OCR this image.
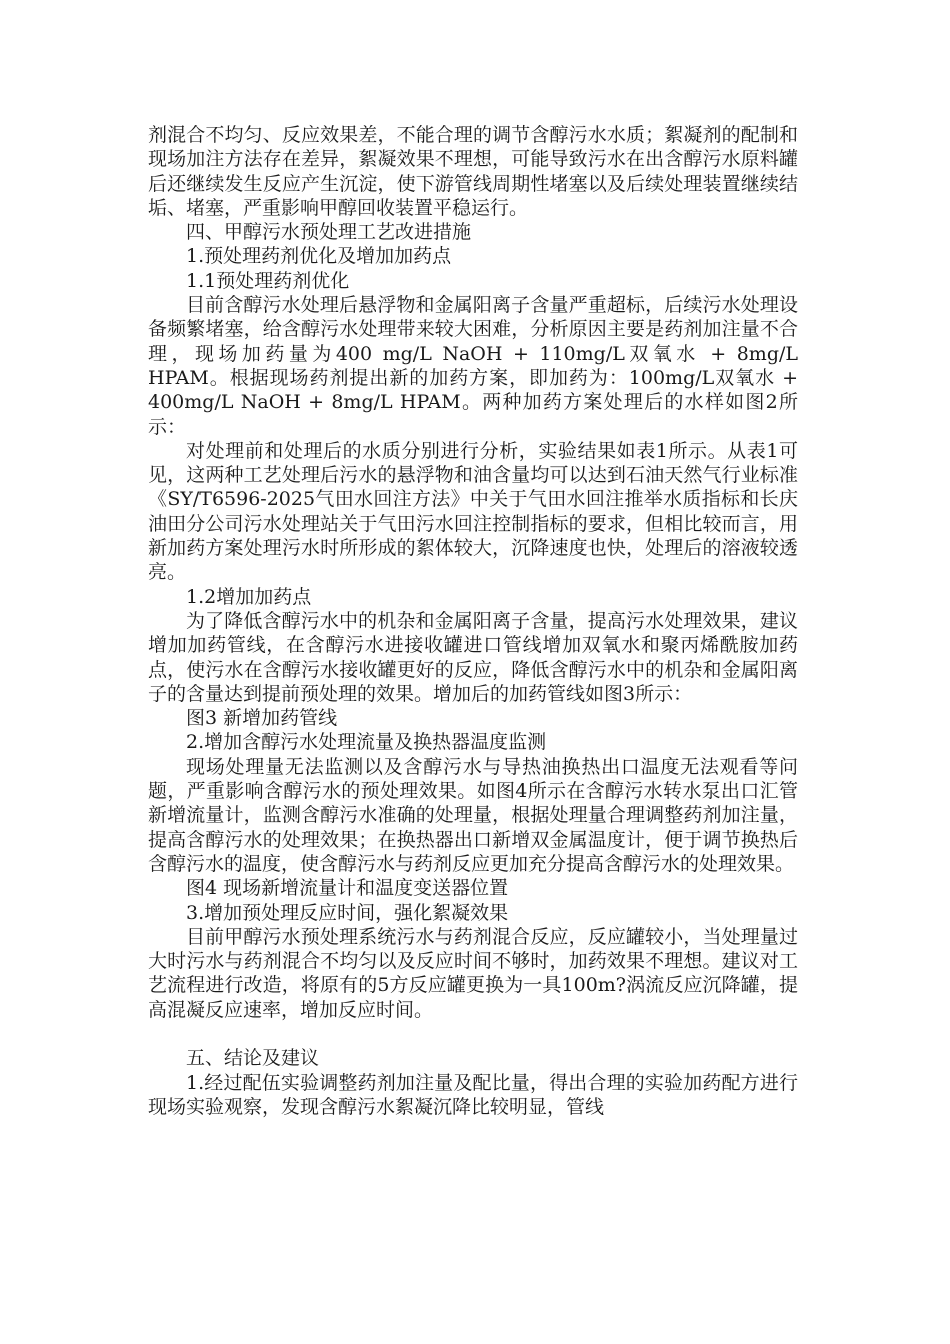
剂混合不均匀、反应效果差，不能合理的调节含醇污水水质；絮凝剂的配制和现场加注方法存在差异，絮凝效果不理想，可能导致污水在出含醇污水原料罐后还继续发生反应产生沉淀，使下游管线周期性堵塞以及后续处理装置继续结垢、堵塞，严重影响甲醇回收装置平稳运行。

四、甲醇污水预处理工艺改进措施

1.预处理药剂优化及增加加药点

1.1预处理药剂优化

目前含醇污水处理后悬浮物和金属阳离子含量严重超标，后续污水处理设备频繁堵塞，给含醇污水处理带来较大困难，分析原因主要是药剂加注量不合理，现场加药量为400 mg/L NaOH + 110mg/L双氧水 + 8mg/L HPAM。根据现场药剂提出新的加药方案，即加药为：100mg/L双氧水 + 400mg/L NaOH + 8mg/L HPAM。两种加药方案处理后的水样如图2所示：

对处理前和处理后的水质分别进行分析，实验结果如表1所示。从表1可见，这两种工艺处理后污水的悬浮物和油含量均可以达到石油天然气行业标准《SY/T6596-2025气田水回注方法》中关于气田水回注推举水质指标和长庆油田分公司污水处理站关于气田污水回注控制指标的要求，但相比较而言，用新加药方案处理污水时所形成的絮体较大，沉降速度也快，处理后的溶液较透亮。

1.2增加加药点

为了降低含醇污水中的机杂和金属阳离子含量，提高污水处理效果，建议增加加药管线，在含醇污水进接收罐进口管线增加双氧水和聚丙烯酰胺加药点，使污水在含醇污水接收罐更好的反应，降低含醇污水中的机杂和金属阳离子的含量达到提前预处理的效果。增加后的加药管线如图3所示：

图3 新增加药管线

2.增加含醇污水处理流量及换热器温度监测

现场处理量无法监测以及含醇污水与导热油换热出口温度无法观看等问题，严重影响含醇污水的预处理效果。如图4所示在含醇污水转水泵出口汇管新增流量计，监测含醇污水准确的处理量，根据处理量合理调整药剂加注量，提高含醇污水的处理效果；在换热器出口新增双金属温度计，便于调节换热后含醇污水的温度，使含醇污水与药剂反应更加充分提高含醇污水的处理效果。

图4 现场新增流量计和温度变送器位置

3.增加预处理反应时间，强化絮凝效果

目前甲醇污水预处理系统污水与药剂混合反应，反应罐较小，当处理量过大时污水与药剂混合不均匀以及反应时间不够时，加药效果不理想。建议对工艺流程进行改造，将原有的5方反应罐更换为一具100m?涡流反应沉降罐，提高混凝反应速率，增加反应时间。

五、结论及建议

1.经过配伍实验调整药剂加注量及配比量，得出合理的实验加药配方进行现场实验观察，发现含醇污水絮凝沉降比较明显，管线
